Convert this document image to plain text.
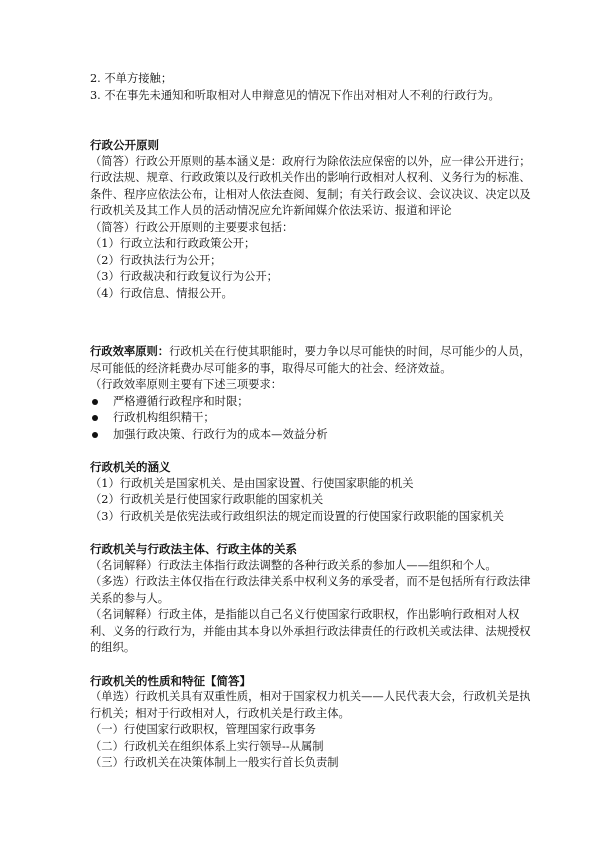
2. 不单方接触；
3. 不在事先未通知和听取相对人申辩意见的情况下作出对相对人不利的行政行为。
行政公开原则
（简答）行政公开原则的基本涵义是：政府行为除依法应保密的以外，应一律公开进行；行政法规、规章、行政政策以及行政机关作出的影响行政相对人权利、义务行为的标准、条件、程序应依法公布，让相对人依法查阅、复制；有关行政会议、会议决议、决定以及行政机关及其工作人员的活动情况应允许新闻媒介依法采访、报道和评论
（简答）行政公开原则的主要要求包括：
（1）行政立法和行政政策公开；
（2）行政执法行为公开；
（3）行政裁决和行政复议行为公开；
（4）行政信息、情报公开。
行政效率原则：行政机关在行使其职能时，要力争以尽可能快的时间，尽可能少的人员，尽可能低的经济耗费办尽可能多的事，取得尽可能大的社会、经济效益。
（行政效率原则主要有下述三项要求：
严格遵循行政程序和时限；
行政机构组织精干；
加强行政决策、行政行为的成本—效益分析
行政机关的涵义
（1）行政机关是国家机关、是由国家设置、行使国家职能的机关
（2）行政机关是行使国家行政职能的国家机关
（3）行政机关是依宪法或行政组织法的规定而设置的行使国家行政职能的国家机关
行政机关与行政法主体、行政主体的关系
（名词解释）行政法主体指行政法调整的各种行政关系的参加人——组织和个人。
（多选）行政法主体仅指在行政法律关系中权利义务的承受者，而不是包括所有行政法律关系的参与人。
（名词解释）行政主体，是指能以自己名义行使国家行政职权，作出影响行政相对人权利、义务的行政行为，并能由其本身以外承担行政法律责任的行政机关或法律、法规授权的组织。
行政机关的性质和特征【简答】
（单选）行政机关具有双重性质，相对于国家权力机关——人民代表大会，行政机关是执行机关；相对于行政相对人，行政机关是行政主体。
（一）行使国家行政职权，管理国家行政事务
（二）行政机关在组织体系上实行领导--从属制
（三）行政机关在决策体制上一般实行首长负责制
